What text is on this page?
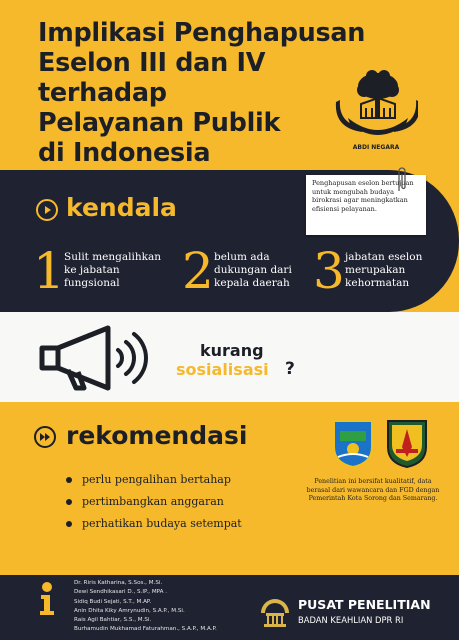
Implikasi Penghapusan
Eselon III dan IV
terhadap
Pelayanan Publik
di Indonesia	ABDI NEGARA
Penghapusan eselon bertujuan untuk mengubah budaya birokrasi agar meningkatkan efisiensi pelayanan.
kendala
1 Sulit mengalihkan ke jabatan fungsional	2 belum ada dukungan dari kepala daerah 3 jabatan eselon merupakan kehormatan
kurang
sosialisasi ?
rekomendasi
perlu pengalihan bertahap
pertimbangkan anggaran
perhatikan budaya setempat
Penelitian ini bersifat kualitatif, data berasal dari wawancara dan FGD dengan Pemerintah Kota Sorong dan Semarang.
Dr. Riris Katharina, S.Sos., M.Si.
Dewi Sendhikasari D., S.IP., MPA .
Sidiq Budi Sejati, S.T., M.AP.
Anin Dhita Kiky Amrynudin, S.A.P., M.Si.
Rais Agil Bahtiar, S.S., M.Si.
Burhamudin Mukhamad Faturahman., S.A.P., M.A.P.
PUSAT PENELITIAN
BADAN KEAHLIAN DPR RI
